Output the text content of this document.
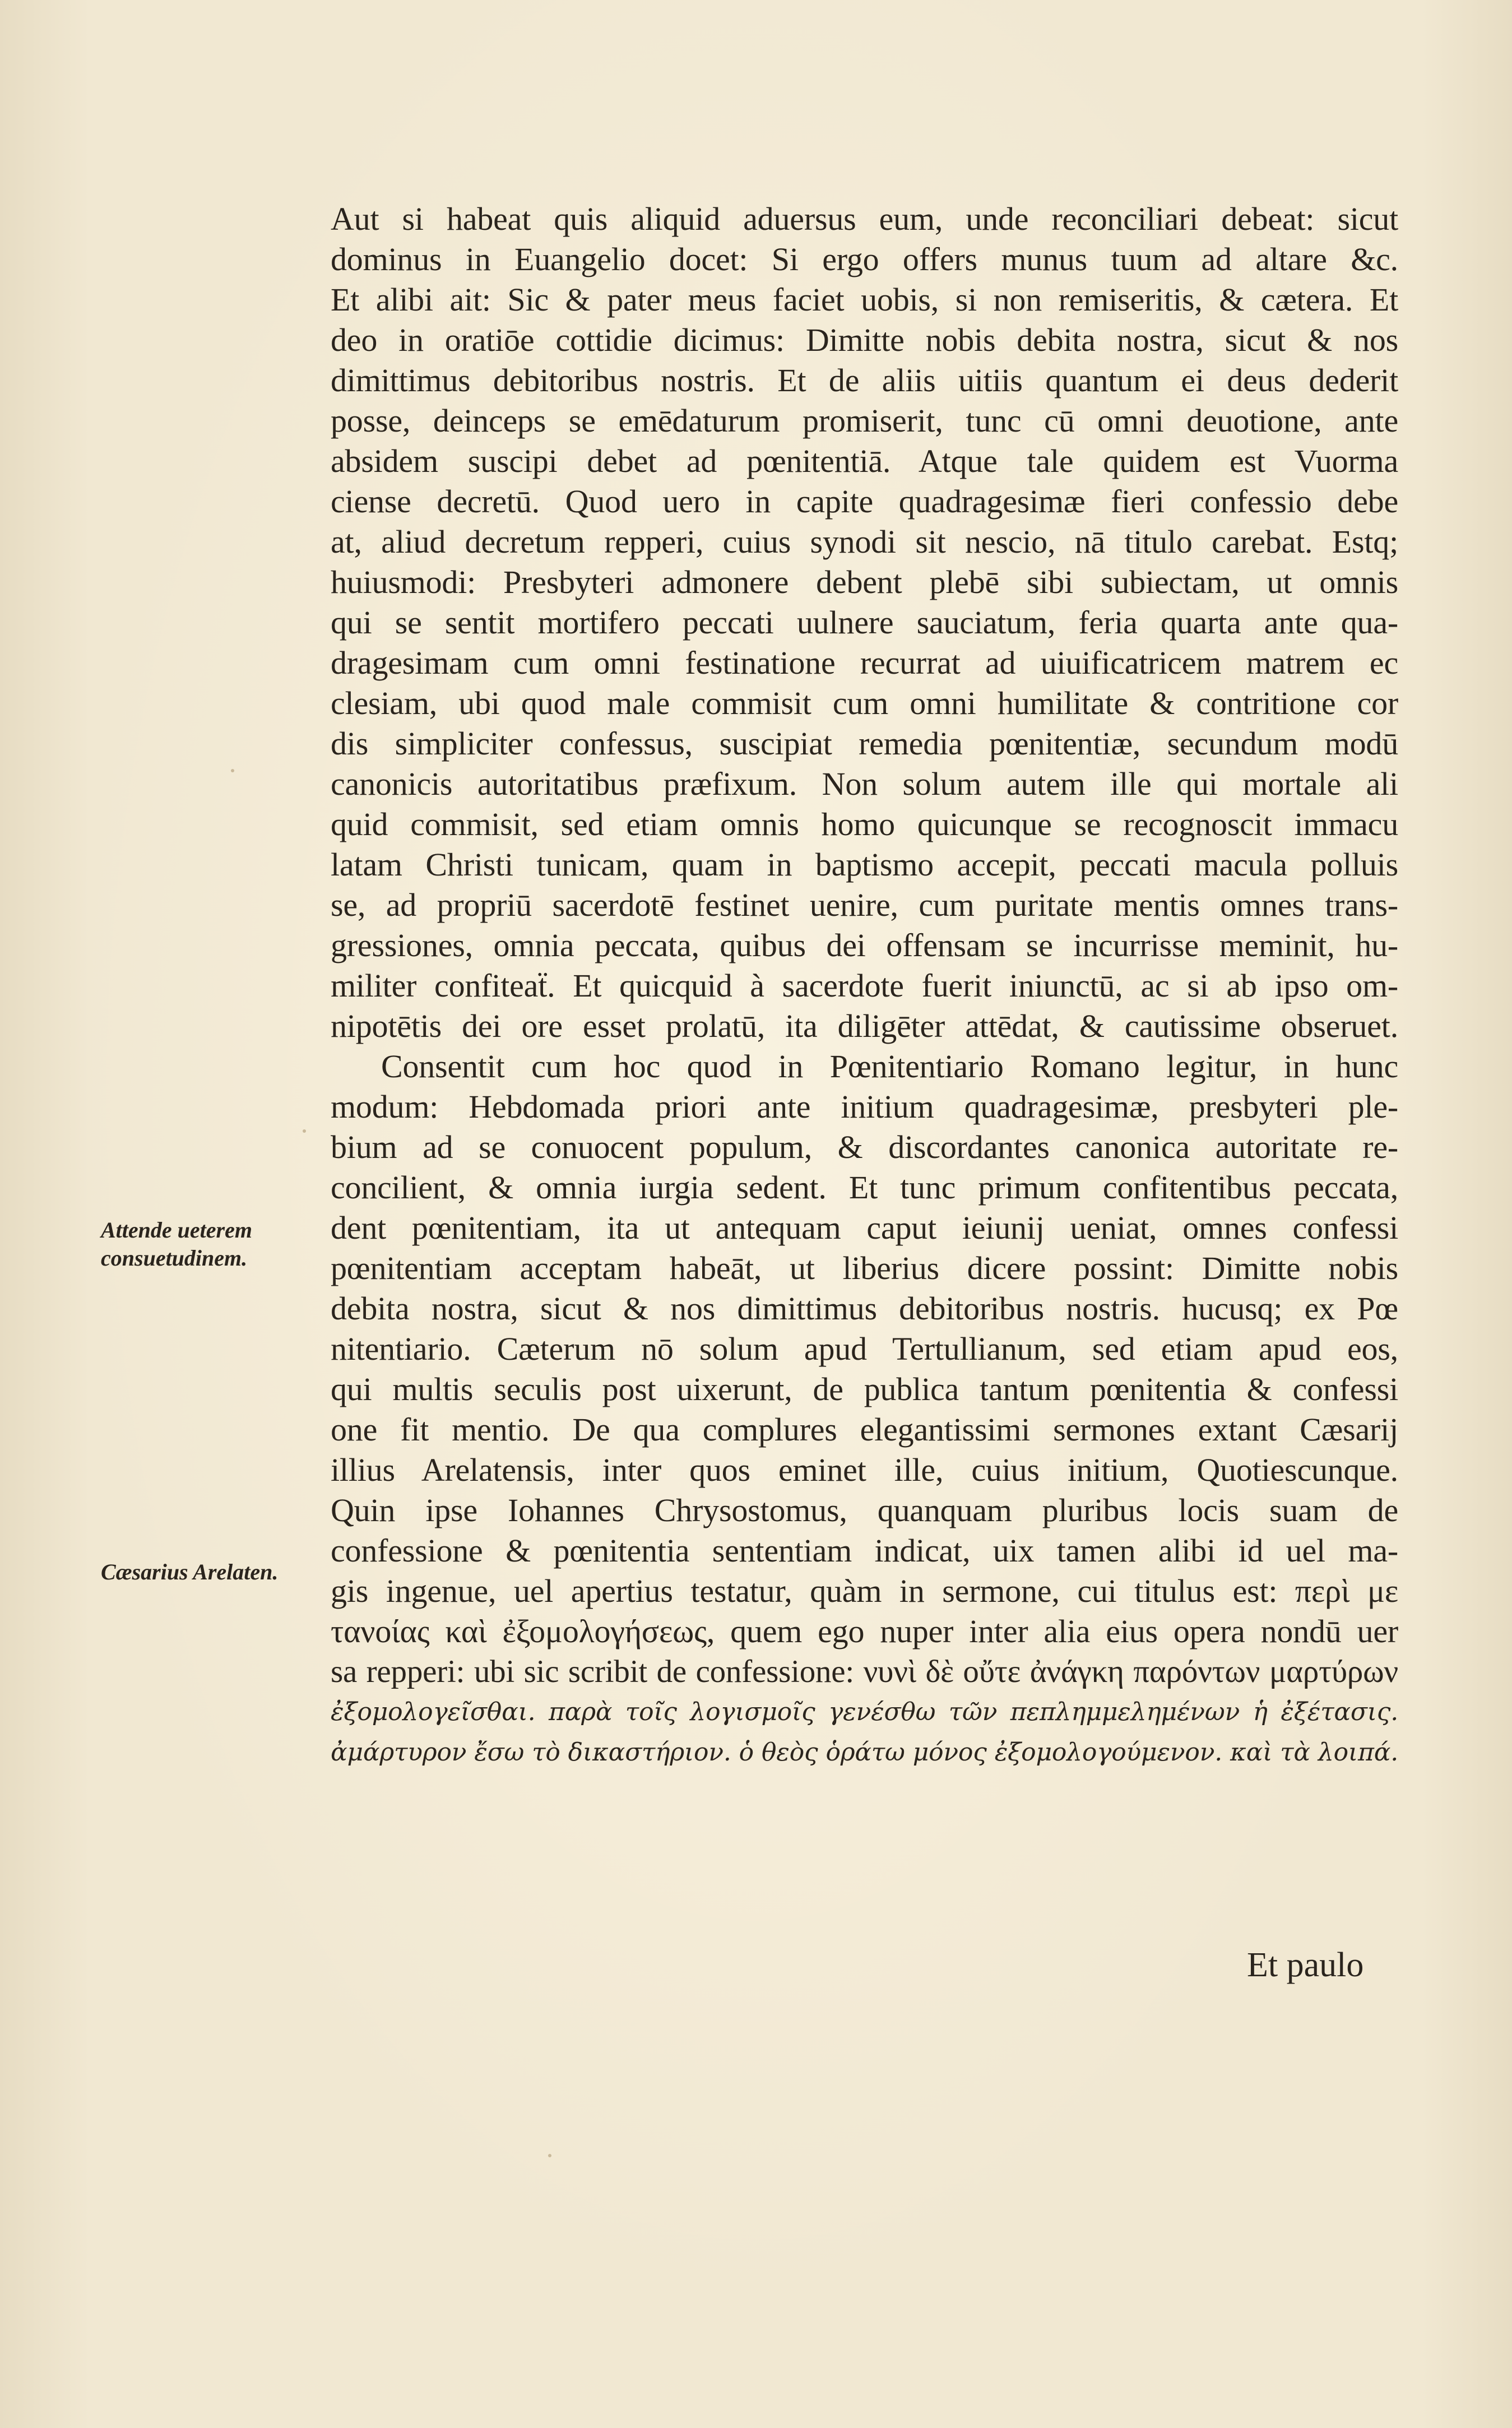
Aut si habeat quis aliquid aduersus eum, unde reconciliari debeat: sicut
dominus in Euangelio docet: Si ergo offers munus tuum ad altare &c.
Et alibi ait: Sic & pater meus faciet uobis, si non remiseritis, & cætera. Et
deo in oratiōe cottidie dicimus: Dimitte nobis debita nostra, sicut & nos
dimittimus debitoribus nostris. Et de aliis uitiis quantum ei deus dederit
posse, deinceps se emēdaturum promiserit, tunc cū omni deuotione, ante
absidem suscipi debet ad pœnitentiā. Atque tale quidem est Vuorma
ciense decretū. Quod uero in capite quadragesimæ fieri confessio debe
at, aliud decretum repperi, cuius synodi sit nescio, nā titulo carebat. Estq;
huiusmodi: Presbyteri admonere debent plebē sibi subiectam, ut omnis
qui se sentit mortifero peccati uulnere sauciatum, feria quarta ante qua-
dragesimam cum omni festinatione recurrat ad uiuificatricem matrem ec
clesiam, ubi quod male commisit cum omni humilitate & contritione cor
dis simpliciter confessus, suscipiat remedia pœnitentiæ, secundum modū
canonicis autoritatibus præfixum. Non solum autem ille qui mortale ali
quid commisit, sed etiam omnis homo quicunque se recognoscit immacu
latam Christi tunicam, quam in baptismo accepit, peccati macula polluis
se, ad propriū sacerdotē festinet uenire, cum puritate mentis omnes trans-
gressiones, omnia peccata, quibus dei offensam se incurrisse meminit, hu-
militer confiteaẗ. Et quicquid à sacerdote fuerit iniunctū, ac si ab ipso om-
nipotētis dei ore esset prolatū, ita diligēter attēdat, & cautissime obseruet.
Consentit cum hoc quod in Pœnitentiario Romano legitur, in hunc
modum: Hebdomada priori ante initium quadragesimæ, presbyteri ple-
bium ad se conuocent populum, & discordantes canonica autoritate re-
concilient, & omnia iurgia sedent. Et tunc primum confitentibus peccata,
dent pœnitentiam, ita ut antequam caput ieiunij ueniat, omnes confessi
pœnitentiam acceptam habeāt, ut liberius dicere possint: Dimitte nobis
debita nostra, sicut & nos dimittimus debitoribus nostris. hucusq; ex Pœ
nitentiario. Cæterum nō solum apud Tertullianum, sed etiam apud eos,
qui multis seculis post uixerunt, de publica tantum pœnitentia & confessi
one fit mentio. De qua complures elegantissimi sermones extant Cæsarij
illius Arelatensis, inter quos eminet ille, cuius initium, Quotiescunque.
Quin ipse Iohannes Chrysostomus, quanquam pluribus locis suam de
confessione & pœnitentia sententiam indicat, uix tamen alibi id uel ma-
gis ingenue, uel apertius testatur, quàm in sermone, cui titulus est: περὶ με
τανοίας καὶ ἐξομολογήσεως, quem ego nuper inter alia eius opera nondū uer
sa repperi: ubi sic scribit de confessione: νυνὶ δὲ οὔτε ἀνάγκη παρόντων μαρτύρων
ἐξομολογεῖσθαι. παρὰ τοῖς λογισμοῖς γενέσθω τῶν πεπλημμελημένων ἡ ἐξέτασις.
ἀμάρτυρον ἔσω τὸ δικαστήριον. ὁ θεὸς ὁράτω μόνος ἐξομολογούμενον. καὶ τὰ λοιπά.
Et paulo
Attende ueterem
consuetudinem.
Cæsarius Arelaten.
